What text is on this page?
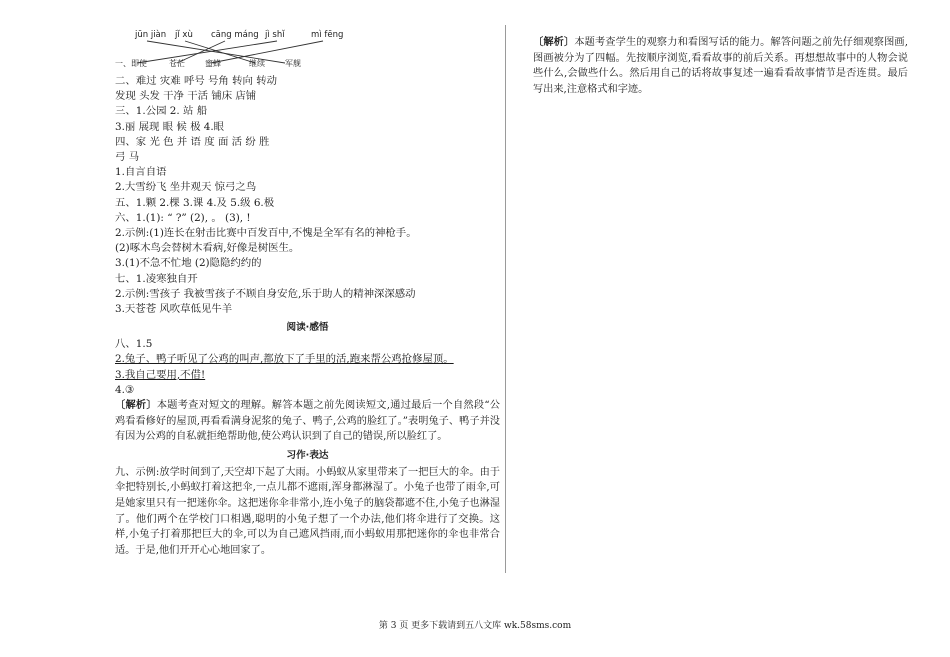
jūn jiàn jǐ xù cāng máng jì shǐ	mì fēng
一、即使	苍茫	蜜蜂	继续	军舰
二、难过 灾难 呼号 号角 转向 转动
发现 头发 干净 干活 铺床 店铺
三、1.公园 2. 站 船
3.丽 展现 眼 候 极 4.眼
四、家 光 色 并 语 度 面 活 纷 胜
弓 马
1.自言自语
2.大雪纷飞 坐井观天 惊弓之鸟
五、1.颗 2.棵 3.课 4.及 5.级 6.极
六、1.(1): “ ?” (2), 。 (3), !
2.示例:(1)连长在射击比赛中百发百中,不愧是全军有名的神枪手。
(2)啄木鸟会替树木看病,好像是树医生。
3.(1)不急不忙地 (2)隐隐约约的
七、1.凌寒独自开
2.示例:雪孩子 我被雪孩子不顾自身安危,乐于助人的精神深深感动
3.天苍苍 风吹草低见牛羊
阅读·感悟
八、1.5
2.兔子、鸭子听见了公鸡的叫声,都放下了手里的活,跑来帮公鸡抢修屋顶。
3.我自己要用,不借!
4.③
〔解析〕本题考查对短文的理解。解答本题之前先阅读短文,通过最后一个自然段“公鸡看看修好的屋顶,再看看满身泥浆的兔子、鸭子,公鸡的脸红了。”表明兔子、鸭子并没有因为公鸡的自私就拒绝帮助他,使公鸡认识到了自己的错误,所以脸红了。
习作·表达
九、示例:放学时间到了,天空却下起了大雨。小蚂蚁从家里带来了一把巨大的伞。由于伞把特别长,小蚂蚁打着这把伞,一点儿都不遮雨,浑身都淋湿了。小兔子也带了雨伞,可是她家里只有一把迷你伞。这把迷你伞非常小,连小兔子的脑袋都遮不住,小兔子也淋湿了。他们两个在学校门口相遇,聪明的小兔子想了一个办法,他们将伞进行了交换。这样,小兔子打着那把巨大的伞,可以为自己遮风挡雨,而小蚂蚁用那把迷你的伞也非常合适。于是,他们开开心心地回家了。
〔解析〕本题考查学生的观察力和看图写话的能力。解答问题之前先仔细观察图画,图画被分为了四幅。先按顺序浏览,看看故事的前后关系。再想想故事中的人物会说些什么,会做些什么。然后用自己的话将故事复述一遍看看故事情节是否连贯。最后写出来,注意格式和字迹。
第 3 页 更多下载请到五八文库 wk.58sms.com
